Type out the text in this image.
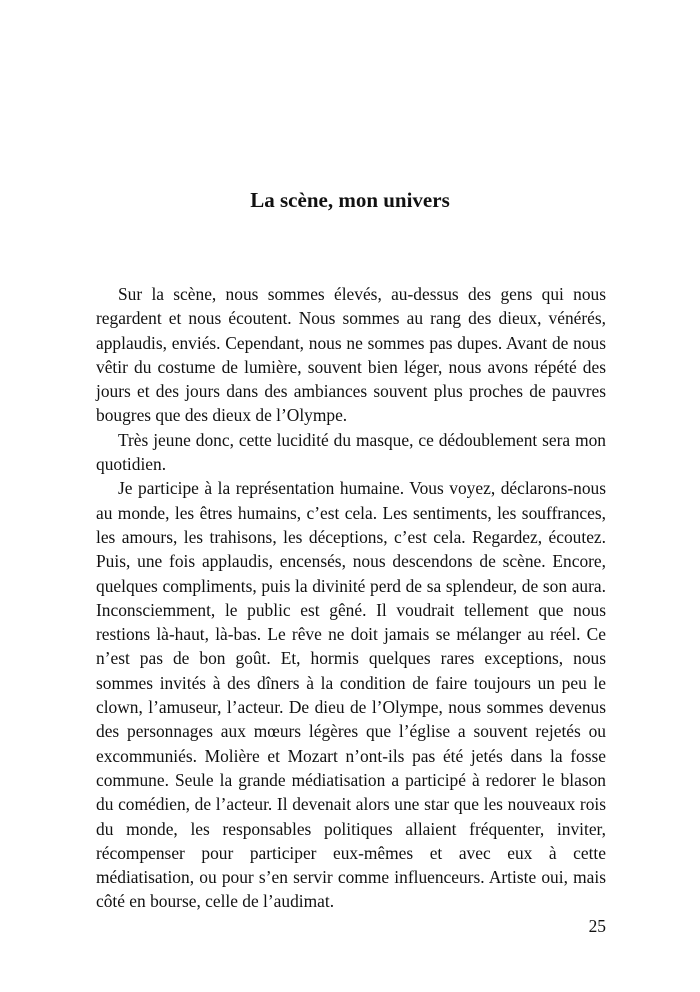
La scène, mon univers

Sur la scène, nous sommes élevés, au-dessus des gens qui nous regardent et nous écoutent. Nous sommes au rang des dieux, vénérés, applaudis, enviés. Cependant, nous ne sommes pas dupes. Avant de nous vêtir du costume de lumière, souvent bien léger, nous avons répété des jours et des jours dans des ambiances souvent plus proches de pauvres bougres que des dieux de l’Olympe.

Très jeune donc, cette lucidité du masque, ce dédoublement sera mon quotidien.

Je participe à la représentation humaine. Vous voyez, déclarons-nous au monde, les êtres humains, c’est cela. Les sentiments, les souffrances, les amours, les trahisons, les déceptions, c’est cela. Regardez, écoutez. Puis, une fois applaudis, encensés, nous descendons de scène. Encore, quelques compliments, puis la divinité perd de sa splendeur, de son aura. Inconsciemment, le public est gêné. Il voudrait tellement que nous restions là-haut, là-bas. Le rêve ne doit jamais se mélanger au réel. Ce n’est pas de bon goût. Et, hormis quelques rares exceptions, nous sommes invités à des dîners à la condition de faire toujours un peu le clown, l’amuseur, l’acteur. De dieu de l’Olympe, nous sommes devenus des personnages aux mœurs légères que l’église a souvent rejetés ou excommuniés. Molière et Mozart n’ont-ils pas été jetés dans la fosse commune. Seule la grande médiatisation a participé à redorer le blason du comédien, de l’acteur. Il devenait alors une star que les nouveaux rois du monde, les responsables politiques allaient fréquenter, inviter, récompenser pour participer eux-mêmes et avec eux à cette médiatisation, ou pour s’en servir comme influenceurs. Artiste oui, mais côté en bourse, celle de l’audimat.

25
